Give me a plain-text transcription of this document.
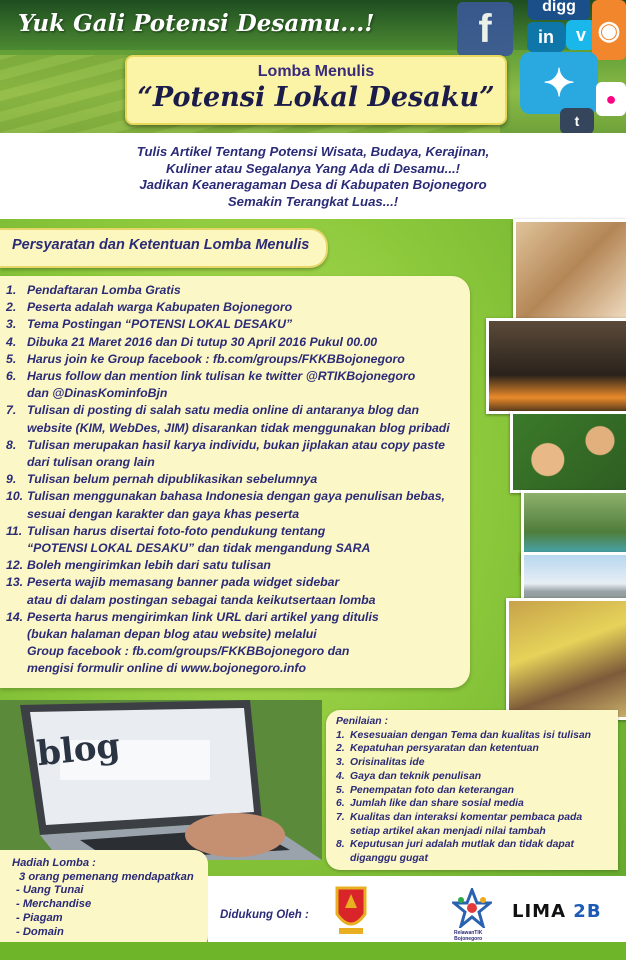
Yuk Gali Potensi Desamu...!	f	digg
in	v ◉
✦	●
t
Lomba Menulis
“Potensi Lokal Desaku”
Tulis Artikel Tentang Potensi Wisata, Budaya, Kerajinan,
Kuliner atau Segalanya Yang Ada di Desamu...!
Jadikan Keaneragaman Desa di Kabupaten Bojonegoro
Semakin Terangkat Luas...!
Persyaratan dan Ketentuan Lomba Menulis
1. Pendaftaran Lomba Gratis
2. Peserta adalah warga Kabupaten Bojonegoro
3. Tema Postingan “POTENSI LOKAL DESAKU”
4. Dibuka 21 Maret 2016 dan Di tutup 30 April 2016 Pukul 00.00
5. Harus join ke Group facebook : fb.com/groups/FKKBBojonegoro
6. Harus follow dan mention link tulisan ke twitter @RTIKBojonegoro
dan @DinasKominfoBjn
7. Tulisan di posting di salah satu media online di antaranya blog dan
website (KIM, WebDes, JIM) disarankan tidak menggunakan blog pribadi
8. Tulisan merupakan hasil karya individu, bukan jiplakan atau copy paste
dari tulisan orang lain
9. Tulisan belum pernah dipublikasikan sebelumnya
10. Tulisan menggunakan bahasa Indonesia dengan gaya penulisan bebas,
sesuai dengan karakter dan gaya khas peserta
11. Tulisan harus disertai foto-foto pendukung tentang
“POTENSI LOKAL DESAKU” dan tidak mengandung SARA
12. Boleh mengirimkan lebih dari satu tulisan
13. Peserta wajib memasang banner pada widget sidebar
atau di dalam postingan sebagai tanda keikutsertaan lomba
14. Peserta harus mengirimkan link URL dari artikel yang ditulis
(bukan halaman depan blog atau website) melalui
Group facebook : fb.com/groups/FKKBBojonegoro dan
mengisi formulir online di www.bojonegoro.info
blog
Penilaian :
1. Kesesuaian dengan Tema dan kualitas isi tulisan
2. Kepatuhan persyaratan dan ketentuan
3. Orisinalitas ide
4. Gaya dan teknik penulisan
5. Penempatan foto dan keterangan
6. Jumlah like dan share sosial media
7. Kualitas dan interaksi komentar pembaca pada
setiap artikel akan menjadi nilai tambah
8. Keputusan juri adalah mutlak dan tidak dapat
diganggu gugat
Hadiah Lomba :
3 orang pemenang mendapatkan
- Uang Tunai
- Merchandise
- Piagam
- Domain
Didukung Oleh :
RelawanTIK
Bojonegoro
LIMA 2B
